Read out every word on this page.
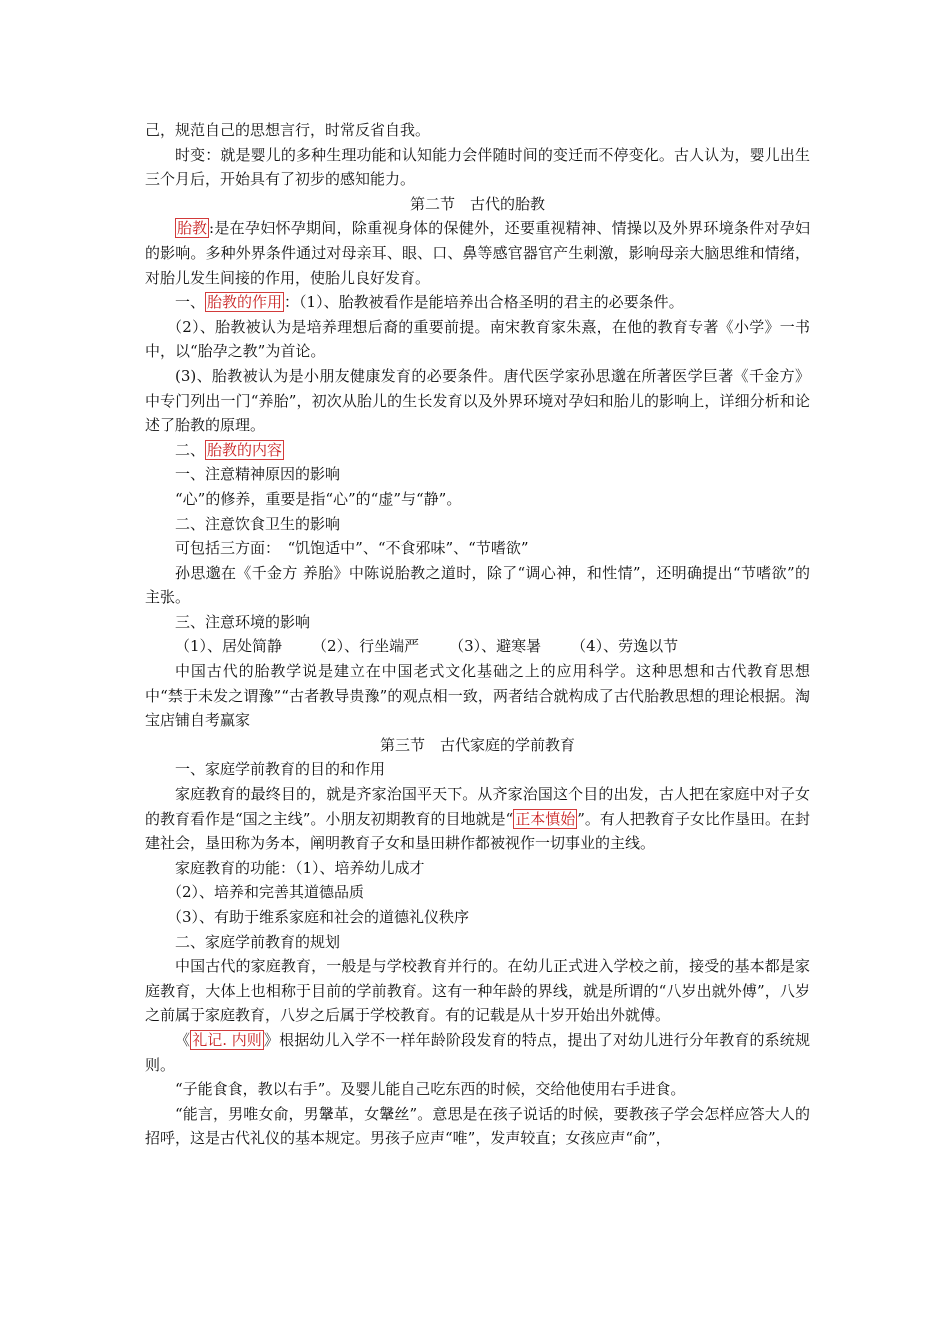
己，规范自己的思想言行，时常反省自我。

时变：就是婴儿的多种生理功能和认知能力会伴随时间的变迁而不停变化。古人认为，婴儿出生三个月后，开始具有了初步的感知能力。

第二节　古代的胎教

胎教 :是在孕妇怀孕期间，除重视身体的保健外，还要重视精神、情操以及外界环境条件对孕妇的影响。多种外界条件通过对母亲耳、眼、口、鼻等感官器官产生刺激，影响母亲大脑思维和情绪，对胎儿发生间接的作用，使胎儿良好发育。

一、 胎教的作用 ：（1）、胎教被看作是能培养出合格圣明的君主的必要条件。

（2）、胎教被认为是培养理想后裔的重要前提。南宋教育家朱熹，在他的教育专著《小学》一书中，以“胎孕之教”为首论。

(3)、胎教被认为是小朋友健康发育的必要条件。唐代医学家孙思邈在所著医学巨著《千金方》中专门列出一门“养胎”，初次从胎儿的生长发育以及外界环境对孕妇和胎儿的影响上，详细分析和论述了胎教的原理。

二、 胎教的内容

一、注意精神原因的影响

“心”的修养，重要是指“心”的“虚”与“静”。

二、注意饮食卫生的影响

可包括三方面：　“饥饱适中”、“不食邪味”、“节嗜欲”

孙思邈在《千金方 养胎》中陈说胎教之道时，除了“调心神，和性情”，还明确提出“节嗜欲”的主张。

三、注意环境的影响

（1）、居处简静 （2）、行坐端严 （3）、避寒暑 （4）、劳逸以节

中国古代的胎教学说是建立在中国老式文化基础之上的应用科学。这种思想和古代教育思想中“禁于未发之谓豫”“古者教导贵豫”的观点相一致，两者结合就构成了古代胎教思想的理论根据。淘宝店铺自考赢家

第三节　古代家庭的学前教育

一、家庭学前教育的目的和作用

家庭教育的最终目的，就是齐家治国平天下。从齐家治国这个目的出发，古人把在家庭中对子女的教育看作是“国之主线”。小朋友初期教育的目地就是“ 正本慎始 ”。有人把教育子女比作垦田。在封建社会，垦田称为务本，阐明教育子女和垦田耕作都被视作一切事业的主线。

家庭教育的功能：（1）、培养幼儿成才

（2）、培养和完善其道德品质

（3）、有助于维系家庭和社会的道德礼仪秩序

二、家庭学前教育的规划

中国古代的家庭教育，一般是与学校教育并行的。在幼儿正式进入学校之前，接受的基本都是家庭教育，大体上也相称于目前的学前教育。这有一种年龄的界线，就是所谓的“八岁出就外傅”，八岁之前属于家庭教育，八岁之后属于学校教育。有的记载是从十岁开始出外就傅。

《 礼记. 内则 》根据幼儿入学不一样年龄阶段发育的特点，提出了对幼儿进行分年教育的系统规则。

“子能食食，教以右手”。及婴儿能自己吃东西的时候，交给他使用右手进食。

“能言，男唯女俞，男鞶革，女鞶丝”。意思是在孩子说话的时候，要教孩子学会怎样应答大人的招呼，这是古代礼仪的基本规定。男孩子应声“唯”，发声较直；女孩应声“俞”，
